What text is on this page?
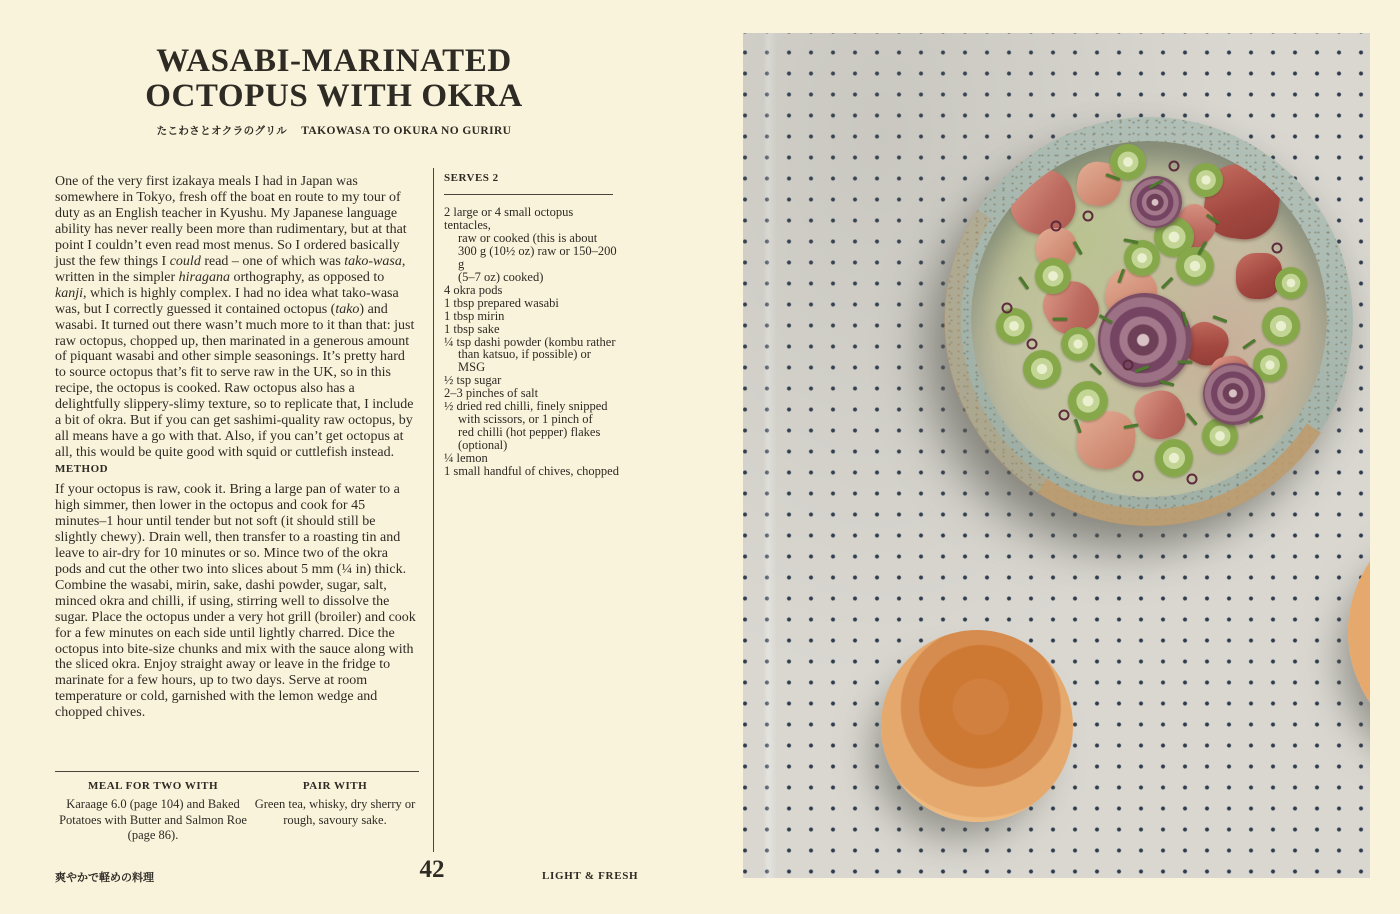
WASABI-MARINATED
OCTOPUS WITH OKRA
たこわさとオクラのグリル TAKOWASA TO OKURA NO GURIRU
One of the very first izakaya meals I had in Japan was somewhere in Tokyo, fresh off the boat en route to my tour of duty as an English teacher in Kyushu. My Japanese language ability has never really been more than rudimentary, but at that point I couldn’t even read most menus. So I ordered basically just the few things I could read – one of which was tako-wasa, written in the simpler hiragana orthography, as opposed to kanji, which is highly complex. I had no idea what tako-wasa was, but I correctly guessed it contained octopus (tako) and wasabi. It turned out there wasn’t much more to it than that: just raw octopus, chopped up, then marinated in a generous amount of piquant wasabi and other simple seasonings. It’s pretty hard to source octopus that’s fit to serve raw in the UK, so in this recipe, the octopus is cooked. Raw octopus also has a delightfully slippery-slimy texture, so to replicate that, I include a bit of okra. But if you can get sashimi-quality raw octopus, by all means have a go with that. Also, if you can’t get octopus at all, this would be quite good with squid or cuttlefish instead.
METHOD
If your octopus is raw, cook it. Bring a large pan of water to a high simmer, then lower in the octopus and cook for 45 minutes–1 hour until tender but not soft (it should still be slightly chewy). Drain well, then transfer to a roasting tin and leave to air-dry for 10 minutes or so. Mince two of the okra pods and cut the other two into slices about 5 mm (¼ in) thick. Combine the wasabi, mirin, sake, dashi powder, sugar, salt, minced okra and chilli, if using, stirring well to dissolve the sugar. Place the octopus under a very hot grill (broiler) and cook for a few minutes on each side until lightly charred. Dice the octopus into bite-size chunks and mix with the sauce along with the sliced okra. Enjoy straight away or leave in the fridge to marinate for a few hours, up to two days. Serve at room temperature or cold, garnished with the lemon wedge and chopped chives.
MEAL FOR TWO WITH
Karaage 6.0 (page 104) and Baked Potatoes with Butter and Salmon Roe (page 86).
PAIR WITH
Green tea, whisky, dry sherry or rough, savoury sake.
SERVES 2
2 large or 4 small octopus tentacles,
raw or cooked (this is about
300 g (10½ oz) raw or 150–200 g
(5–7 oz) cooked)
4 okra pods
1 tbsp prepared wasabi
1 tbsp mirin
1 tbsp sake
¼ tsp dashi powder (kombu rather
than katsuo, if possible) or MSG
½ tsp sugar
2–3 pinches of salt
½ dried red chilli, finely snipped
with scissors, or 1 pinch of
red chilli (hot pepper) flakes
(optional)
¼ lemon
1 small handful of chives, chopped
爽やかで軽めの料理	42	LIGHT & FRESH
